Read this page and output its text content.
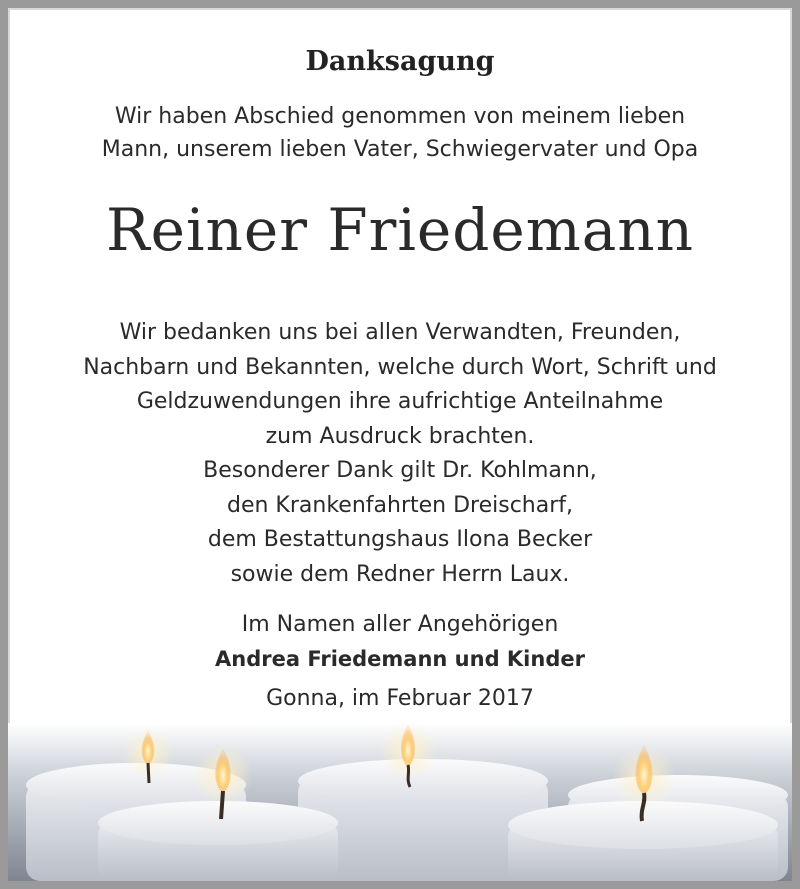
Danksagung
Wir haben Abschied genommen von meinem lieben
Mann, unserem lieben Vater, Schwiegervater und Opa
Reiner Friedemann
Wir bedanken uns bei allen Verwandten, Freunden,
Nachbarn und Bekannten, welche durch Wort, Schrift und
Geldzuwendungen ihre aufrichtige Anteilnahme
zum Ausdruck brachten.
Besonderer Dank gilt Dr. Kohlmann,
den Krankenfahrten Dreischarf,
dem Bestattungshaus Ilona Becker
sowie dem Redner Herrn Laux.
Im Namen aller Angehörigen
Andrea Friedemann und Kinder
Gonna, im Februar 2017
